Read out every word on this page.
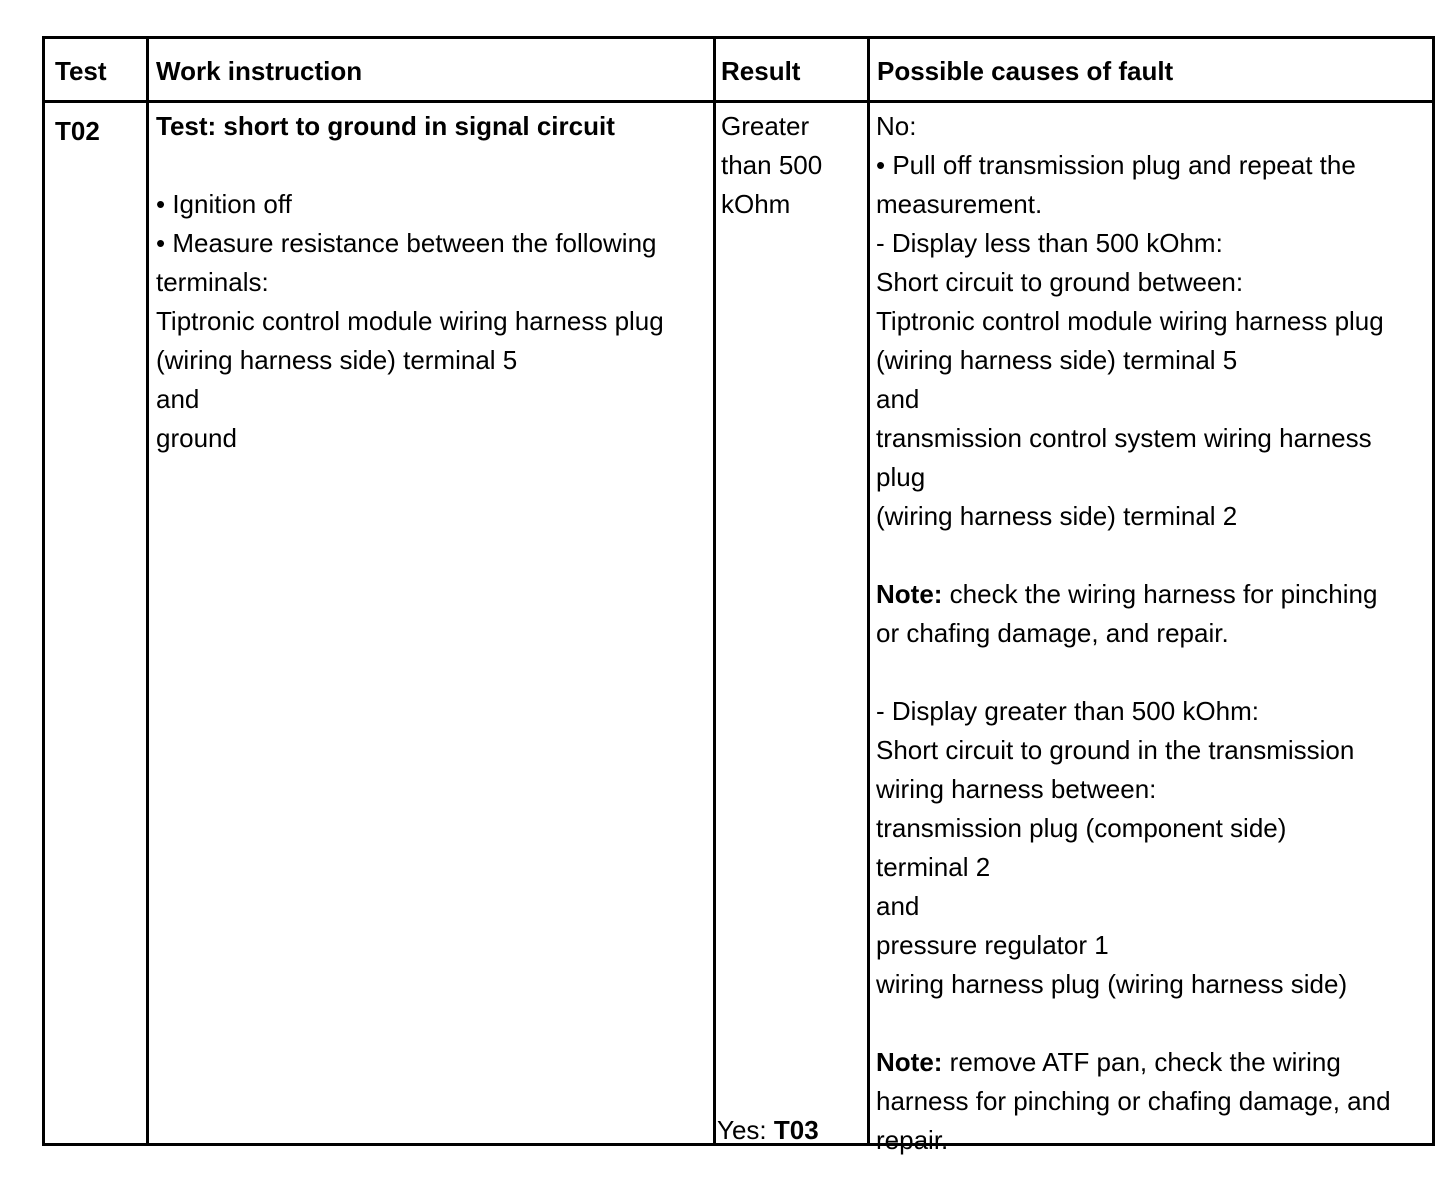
Test Work instruction	Result	Possible causes of fault
T02 Test: short to ground in signal circuit
• Ignition off
• Measure resistance between the following
terminals:
Tiptronic control module wiring harness plug
(wiring harness side) terminal 5
and
ground
Greater
than 500
kOhm
Yes: T03
No:
• Pull off transmission plug and repeat the
measurement.
- Display less than 500 kOhm:
Short circuit to ground between:
Tiptronic control module wiring harness plug
(wiring harness side) terminal 5
and
transmission control system wiring harness
plug
(wiring harness side) terminal 2
Note: check the wiring harness for pinching
or chafing damage, and repair.
- Display greater than 500 kOhm:
Short circuit to ground in the transmission
wiring harness between:
transmission plug (component side)
terminal 2
and
pressure regulator 1
wiring harness plug (wiring harness side)
Note: remove ATF pan, check the wiring
harness for pinching or chafing damage, and
repair.
